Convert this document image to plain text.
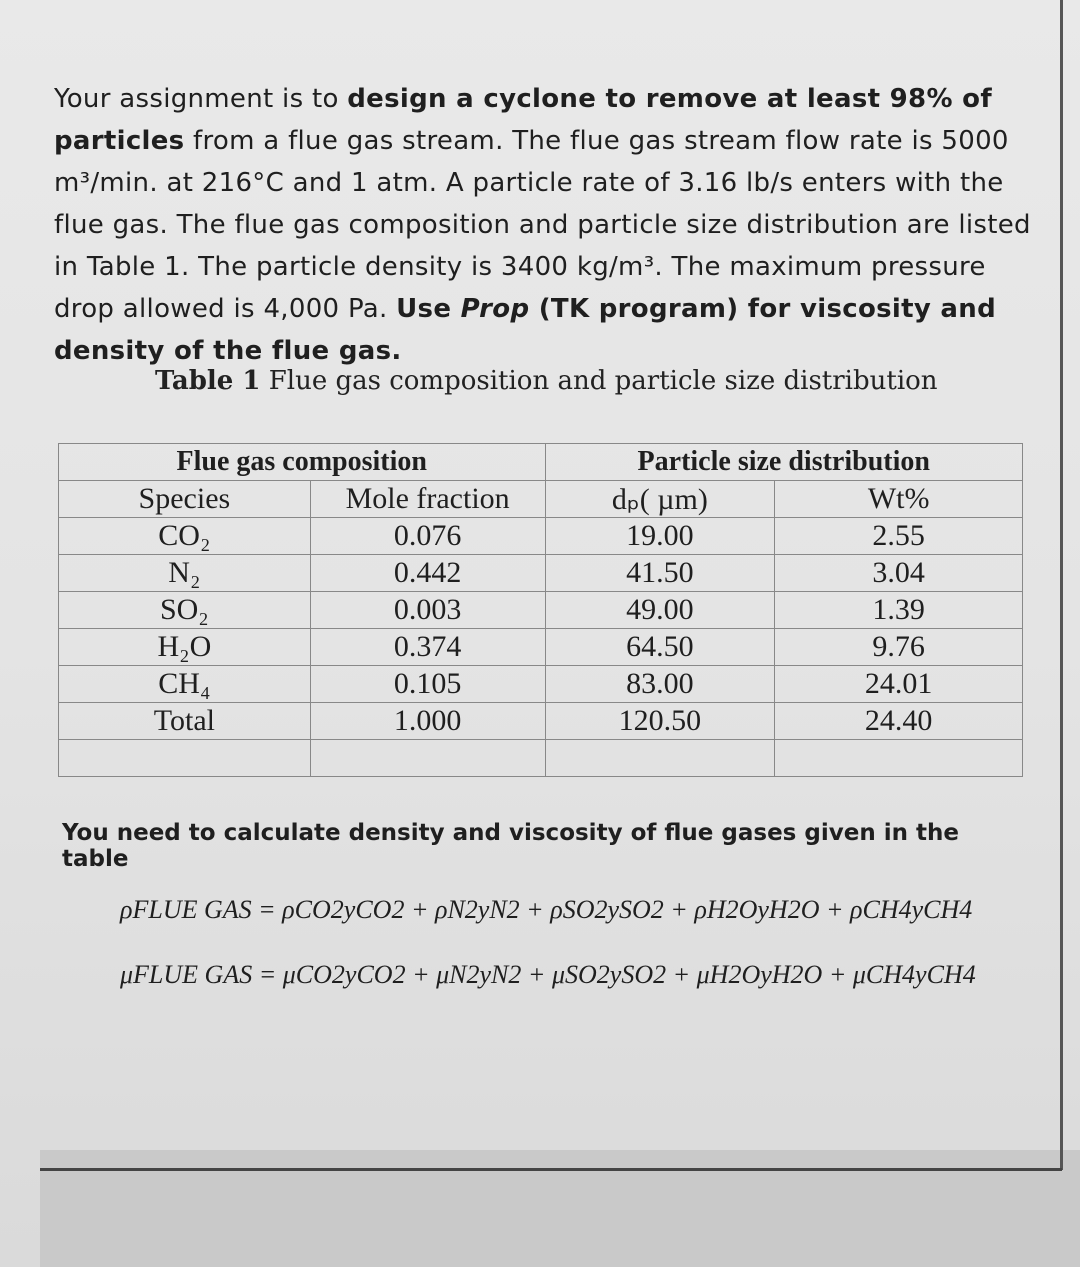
Your assignment is to design a cyclone to remove at least 98% of particles from a flue gas stream. The flue gas stream flow rate is 5000 m³/min. at 216°C and 1 atm. A particle rate of 3.16 lb/s enters with the flue gas. The flue gas composition and particle size distribution are listed in Table 1. The particle density is 3400 kg/m³. The maximum pressure drop allowed is 4,000 Pa. Use Prop (TK program) for viscosity and density of the flue gas.
Table 1 Flue gas composition and particle size distribution
Flue gas composition		Particle size distribution	
Species	Mole fraction	dₚ( µm)	Wt%
CO₂	0.076	19.00	2.55
N₂	0.442	41.50	3.04
SO₂	0.003	49.00	1.39
H₂O	0.374	64.50	9.76
CH₄	0.105	83.00	24.01
Total	1.000	120.50	24.40

You need to calculate density and viscosity of flue gases given in the table
ρFLUE GAS = ρCO2yCO2 + ρN2yN2 + ρSO2ySO2 + ρH2OyH2O + ρCH4yCH4
μFLUE GAS = μCO2yCO2 + μN2yN2 + μSO2ySO2 + μH2OyH2O + μCH4yCH4
